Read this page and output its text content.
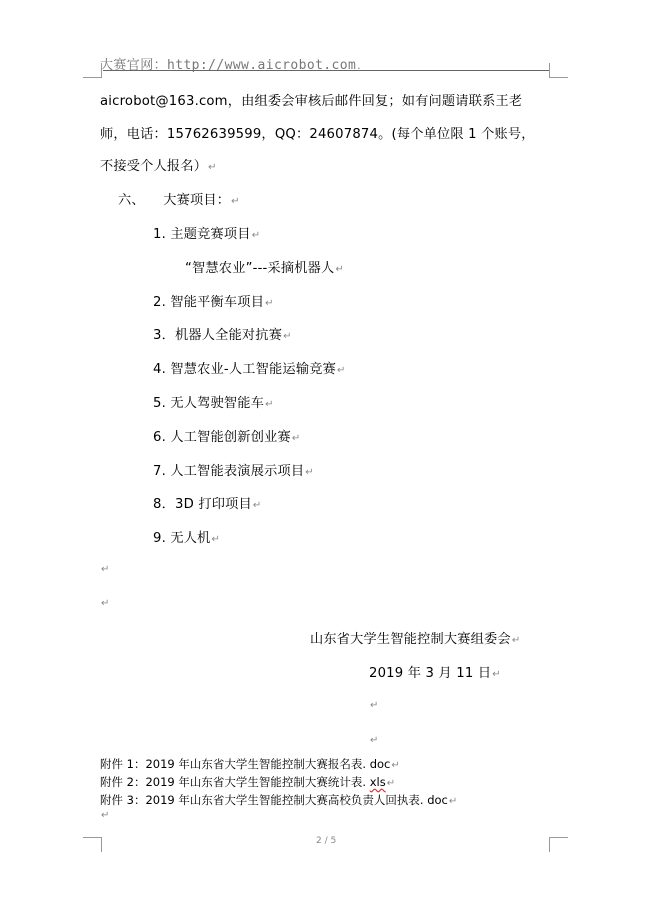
大赛官网：http://www.aicrobot.com.
aicrobot@163.com，由组委会审核后邮件回复；如有问题请联系王老
师，电话：15762639599，QQ：24607874。(每个单位限 1 个账号，
不接受个人报名）↵
六、 大赛项目：↵
1. 主题竞赛项目↵
“智慧农业”---采摘机器人↵
2. 智能平衡车项目↵
3．机器人全能对抗赛↵
4. 智慧农业-人工智能运输竞赛↵
5. 无人驾驶智能车↵
6. 人工智能创新创业赛↵
7. 人工智能表演展示项目↵
8．3D 打印项目↵
9. 无人机↵
↵
↵
山东省大学生智能控制大赛组委会↵
2019 年 3 月 11 日↵
↵
↵
附件 1：2019 年山东省大学生智能控制大赛报名表. doc↵
附件 2：2019 年山东省大学生智能控制大赛统计表. xls↵
附件 3：2019 年山东省大学生智能控制大赛高校负责人回执表. doc↵
↵
2 / 5
